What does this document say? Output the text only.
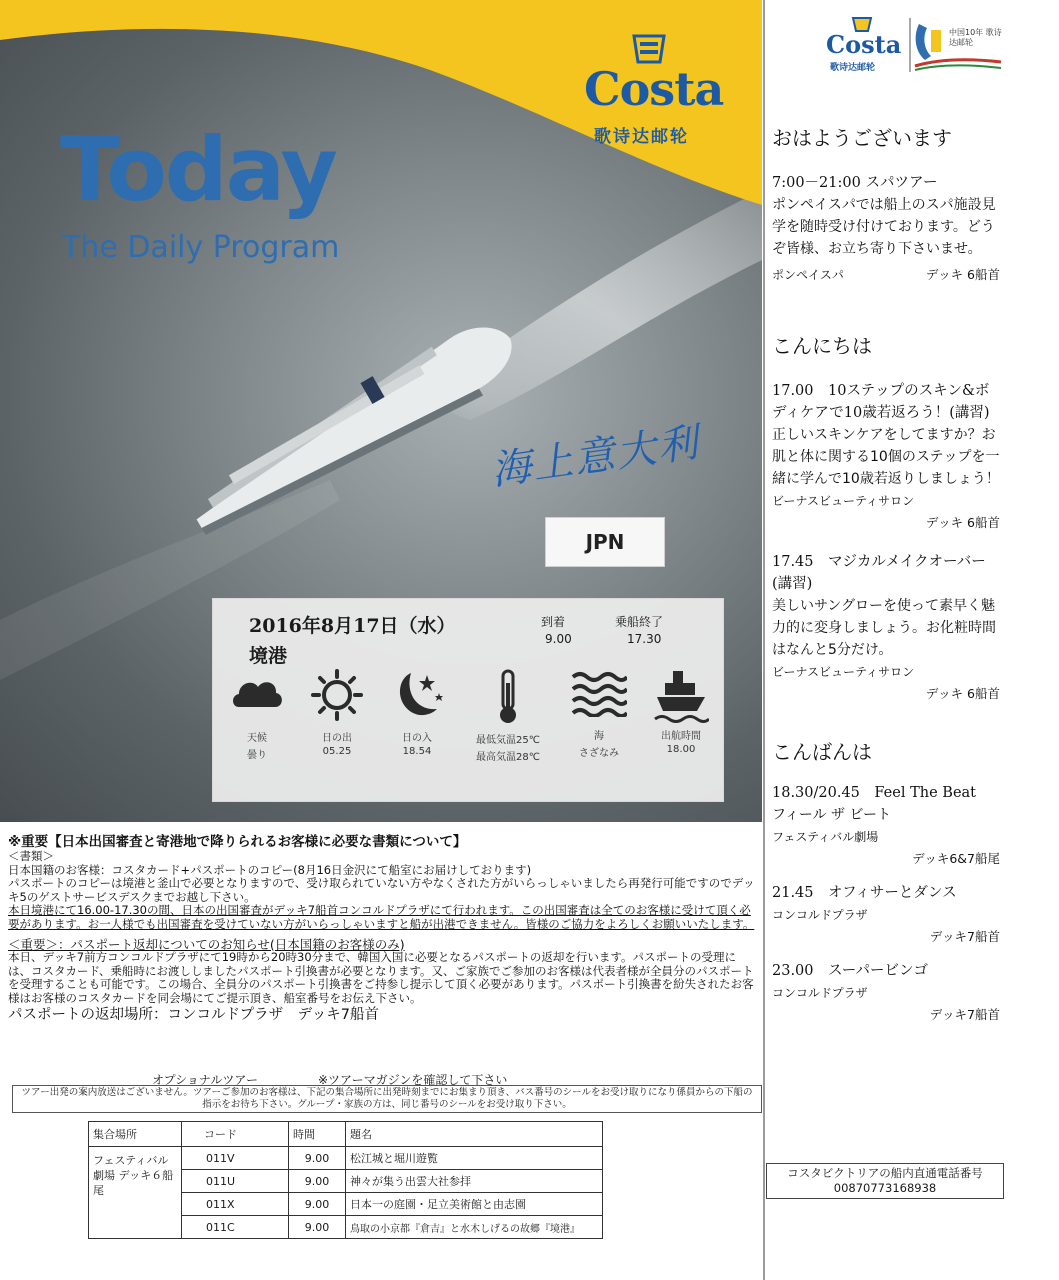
Costa
歌诗达邮轮
Today
The Daily Program
海上意大利
JPN
2016年8月17日（水）
境港
到着
9.00
乗船終了
17.30
天候
曇り
日の出
05.25
日の入
18.54
最低気温25℃
最高気温28℃
海
さざなみ
出航時間
18.00

※重要【日本出国審査と寄港地で降りられるお客様に必要な書類について】

＜書類＞

日本国籍のお客様：コスタカード+パスポートのコピー(8月16日金沢にて船室にお届けしております)

パスポートのコピーは境港と釜山で必要となりますので、受け取られていない方やなくされた方がいらっしゃいましたら再発行可能ですのでデッキ5のゲストサービスデスクまでお越し下さい。

本日境港にて16.00-17.30の間、日本の出国審査がデッキ7船首コンコルドプラザにて行われます。この出国審査は全てのお客様に受けて頂く必要があります。お一人様でも出国審査を受けていない方がいらっしゃいますと船が出港できません。皆様のご協力をよろしくお願いいたします。

＜重要＞：パスポート返却についてのお知らせ(日本国籍のお客様のみ)

本日、デッキ7前方コンコルドプラザにて19時から20時30分まで、韓国入国に必要となるパスポートの返却を行います。パスポートの受理には、コスタカード、乗船時にお渡ししましたパスポート引換書が必要となります。又、ご家族でご参加のお客様は代表者様が全員分のパスポートを受理することも可能です。この場合、全員分のパスポート引換書をご持参し提示して頂く必要があります。パスポート引換書を紛失されたお客様はお客様のコスタカードを同会場にてご提示頂き、船室番号をお伝え下さい。

パスポートの返却場所：コンコルドプラザ　デッキ7船首

オプショナルツアー	※ツアーマガジンを確認して下さい
ツアー出発の案内放送はございません。ツアーご参加のお客様は、下記の集合場所に出発時刻までにお集まり頂き、バス番号のシールをお受け取りになり係員からの下船の指示をお待ち下さい。グループ・家族の方は、同じ番号のシールをお受け取り下さい。
集合場所	コード	時間	題名
フェスティバル劇場 デッキ６船尾	011V	9.00	松江城と堀川遊覧
	011U	9.00	神々が集う出雲大社参拝
	011X	9.00	日本一の庭園・足立美術館と由志園
	011C	9.00	鳥取の小京都『倉吉』と水木しげるの故郷『境港』
Costa
歌诗达邮轮
中国10年 歌诗达邮轮
おはようございます
7:00－21:00 スパツアー
ポンペイスパでは船上のスパ施設見学を随時受け付けております。どうぞ皆様、お立ち寄り下さいませ。
ポンペイスパ	デッキ 6船首
こんにちは
17.00　10ステップのスキン&ボディケアで10歳若返ろう！(講習)
正しいスキンケアをしてますか？お肌と体に関する10個のステップを一緒に学んで10歳若返りしましょう！
ビーナスビューティサロン
デッキ 6船首
17.45　マジカルメイクオーバー(講習)
美しいサングローを使って素早く魅力的に変身しましょう。お化粧時間はなんと5分だけ。
ビーナスビューティサロン
デッキ 6船首
こんばんは
18.30/20.45　Feel The Beat
フィール ザ ビート
フェスティバル劇場
デッキ6&7船尾
21.45　オフィサーとダンス
コンコルドプラザ
デッキ7船首
23.00　スーパービンゴ
コンコルドプラザ
デッキ7船首
コスタビクトリアの船内直通電話番号
00870773168938
